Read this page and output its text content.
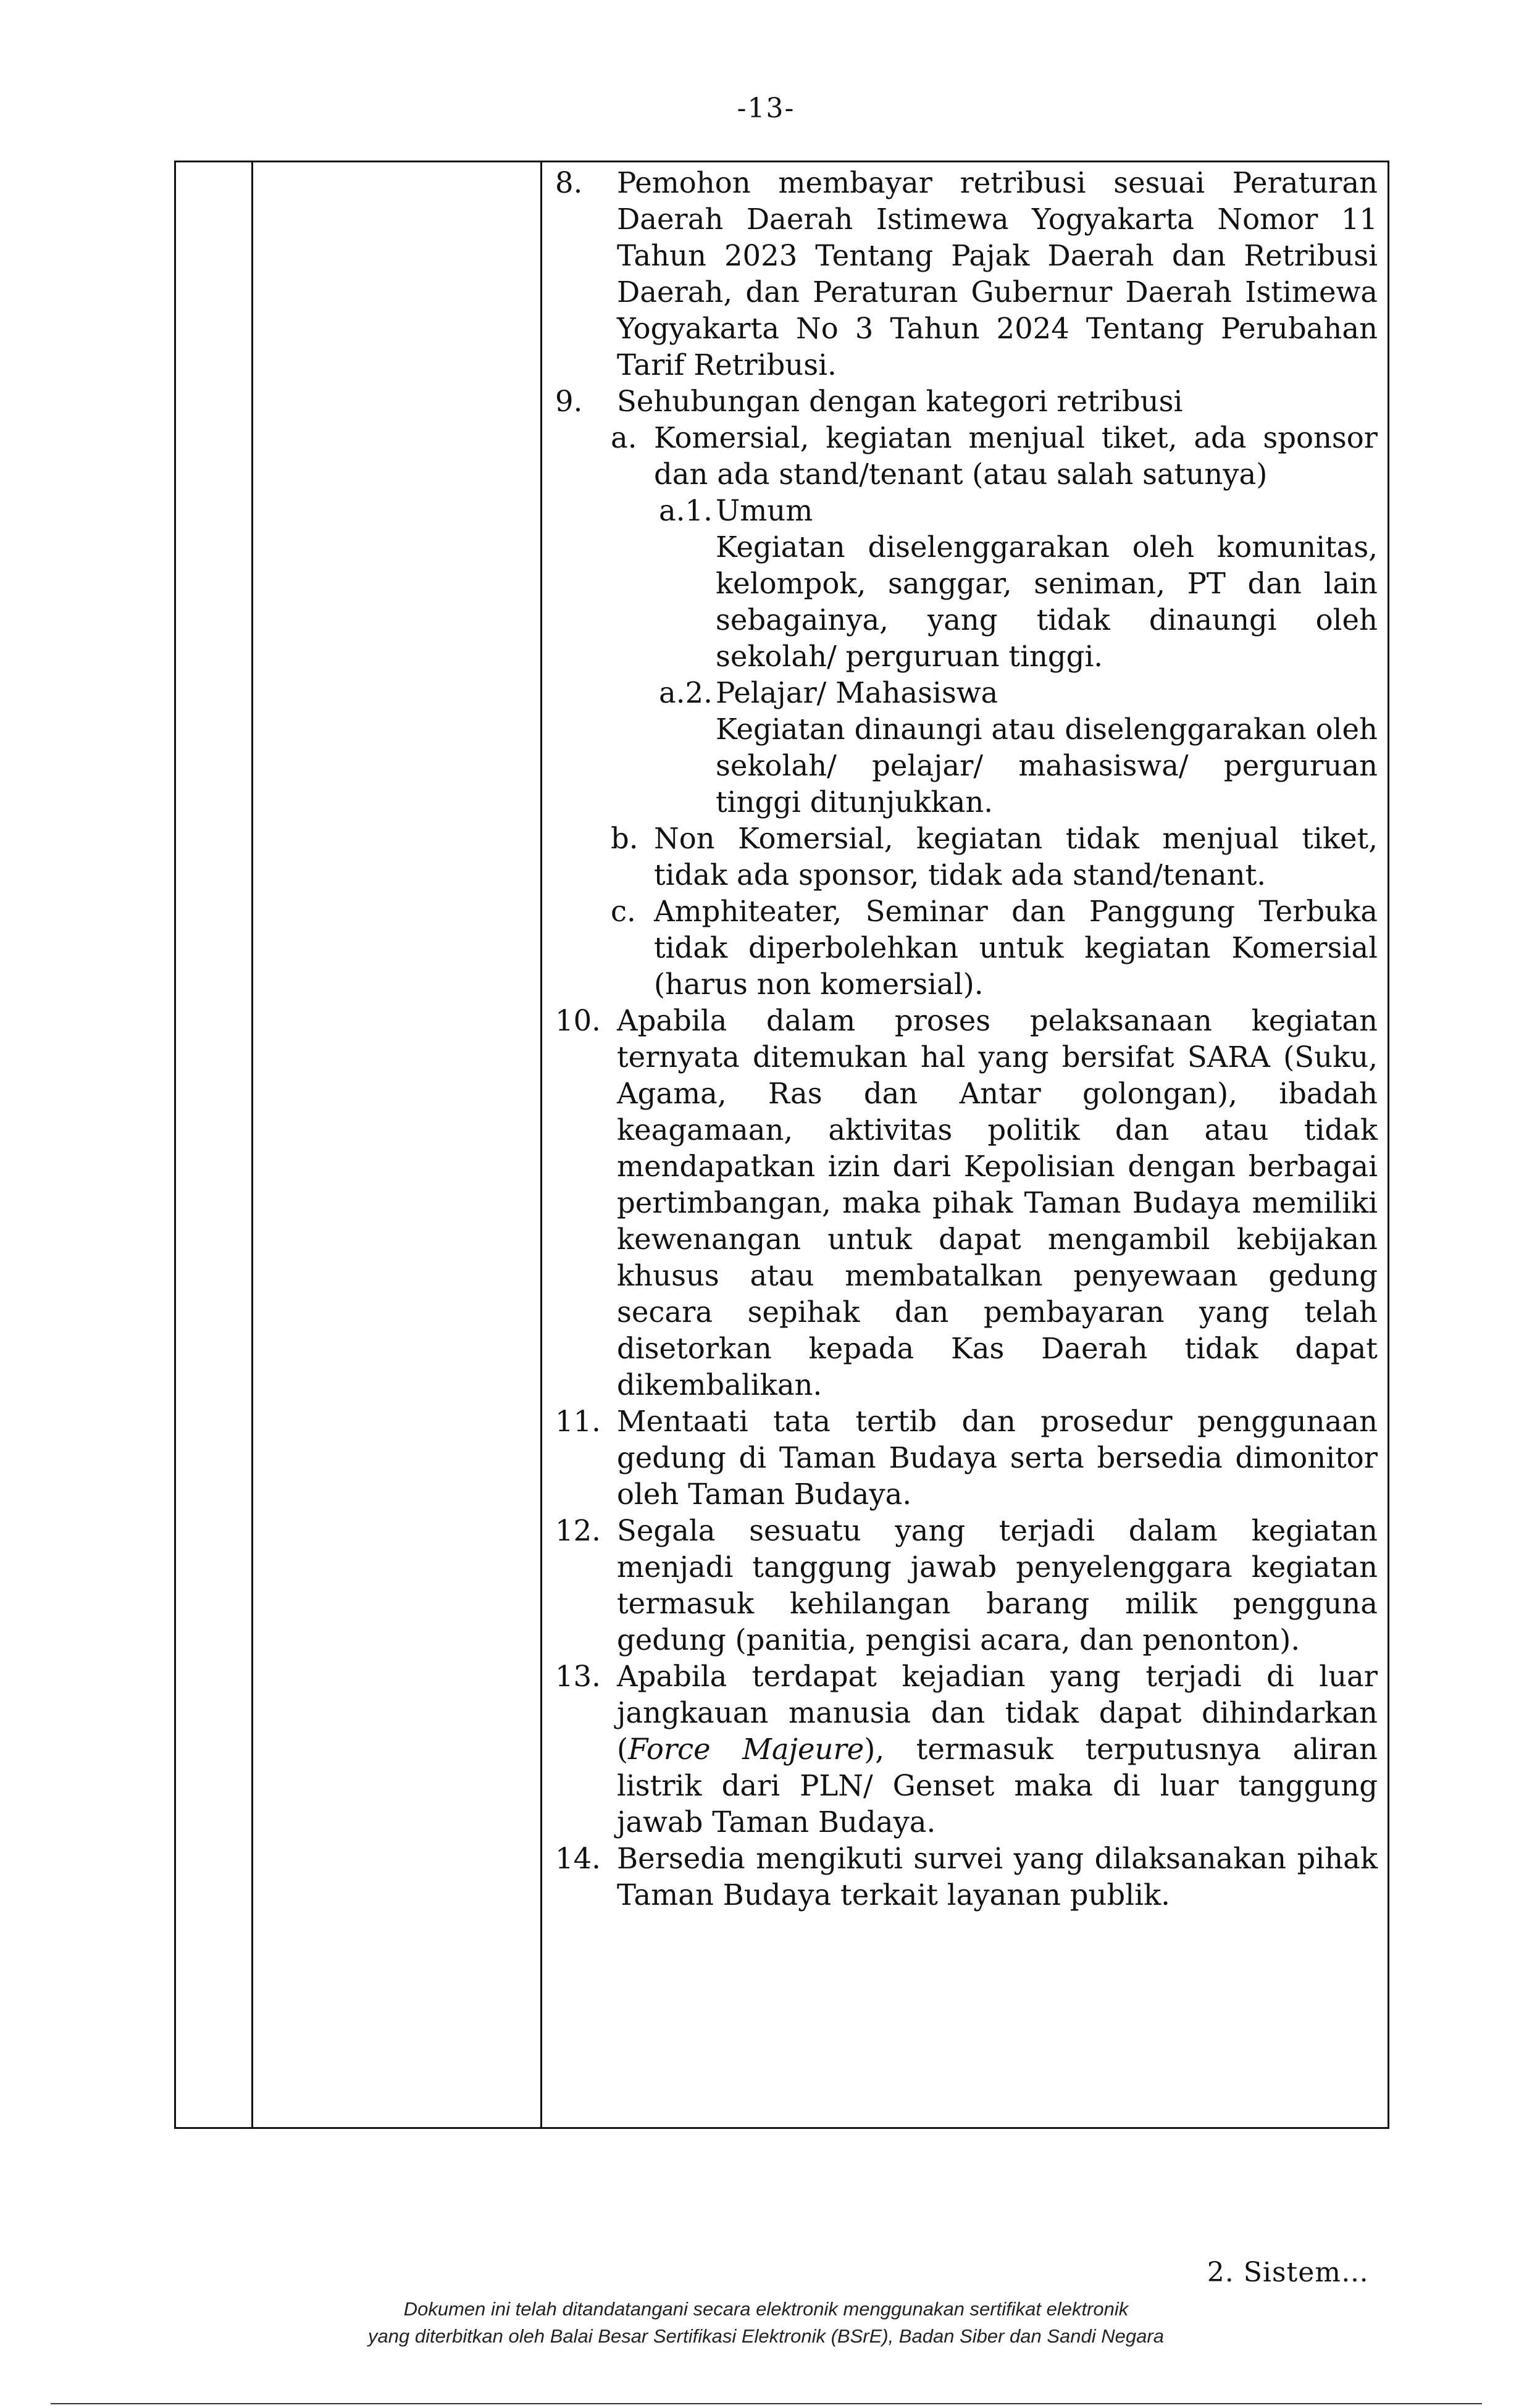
-13-
8. Pemohon membayar retribusi sesuai Peraturan Daerah Daerah Istimewa Yogyakarta Nomor 11 Tahun 2023 Tentang Pajak Daerah dan Retribusi Daerah, dan Peraturan Gubernur Daerah Istimewa Yogyakarta No 3 Tahun 2024 Tentang Perubahan Tarif Retribusi.
9. Sehubungan dengan kategori retribusi
a. Komersial, kegiatan menjual tiket, ada sponsor dan ada stand/tenant (atau salah satunya)
a.1. Umum
Kegiatan diselenggarakan oleh komunitas, kelompok, sanggar, seniman, PT dan lain sebagainya, yang tidak dinaungi oleh sekolah/ perguruan tinggi.
a.2. Pelajar/ Mahasiswa
Kegiatan dinaungi atau diselenggarakan oleh sekolah/ pelajar/ mahasiswa/ perguruan tinggi ditunjukkan.
b. Non Komersial, kegiatan tidak menjual tiket, tidak ada sponsor, tidak ada stand/tenant.
c. Amphiteater, Seminar dan Panggung Terbuka tidak diperbolehkan untuk kegiatan Komersial (harus non komersial).
10. Apabila dalam proses pelaksanaan kegiatan ternyata ditemukan hal yang bersifat SARA (Suku, Agama, Ras dan Antar golongan), ibadah keagamaan, aktivitas politik dan atau tidak mendapatkan izin dari Kepolisian dengan berbagai pertimbangan, maka pihak Taman Budaya memiliki kewenangan untuk dapat mengambil kebijakan khusus atau membatalkan penyewaan gedung secara sepihak dan pembayaran yang telah disetorkan kepada Kas Daerah tidak dapat dikembalikan.
11. Mentaati tata tertib dan prosedur penggunaan gedung di Taman Budaya serta bersedia dimonitor oleh Taman Budaya.
12. Segala sesuatu yang terjadi dalam kegiatan menjadi tanggung jawab penyelenggara kegiatan termasuk kehilangan barang milik pengguna gedung (panitia, pengisi acara, dan penonton).
13. Apabila terdapat kejadian yang terjadi di luar jangkauan manusia dan tidak dapat dihindarkan (Force Majeure), termasuk terputusnya aliran listrik dari PLN/ Genset maka di luar tanggung jawab Taman Budaya.
14. Bersedia mengikuti survei yang dilaksanakan pihak Taman Budaya terkait layanan publik.
2. Sistem…
Dokumen ini telah ditandatangani secara elektronik menggunakan sertifikat elektronik
yang diterbitkan oleh Balai Besar Sertifikasi Elektronik (BSrE), Badan Siber dan Sandi Negara
